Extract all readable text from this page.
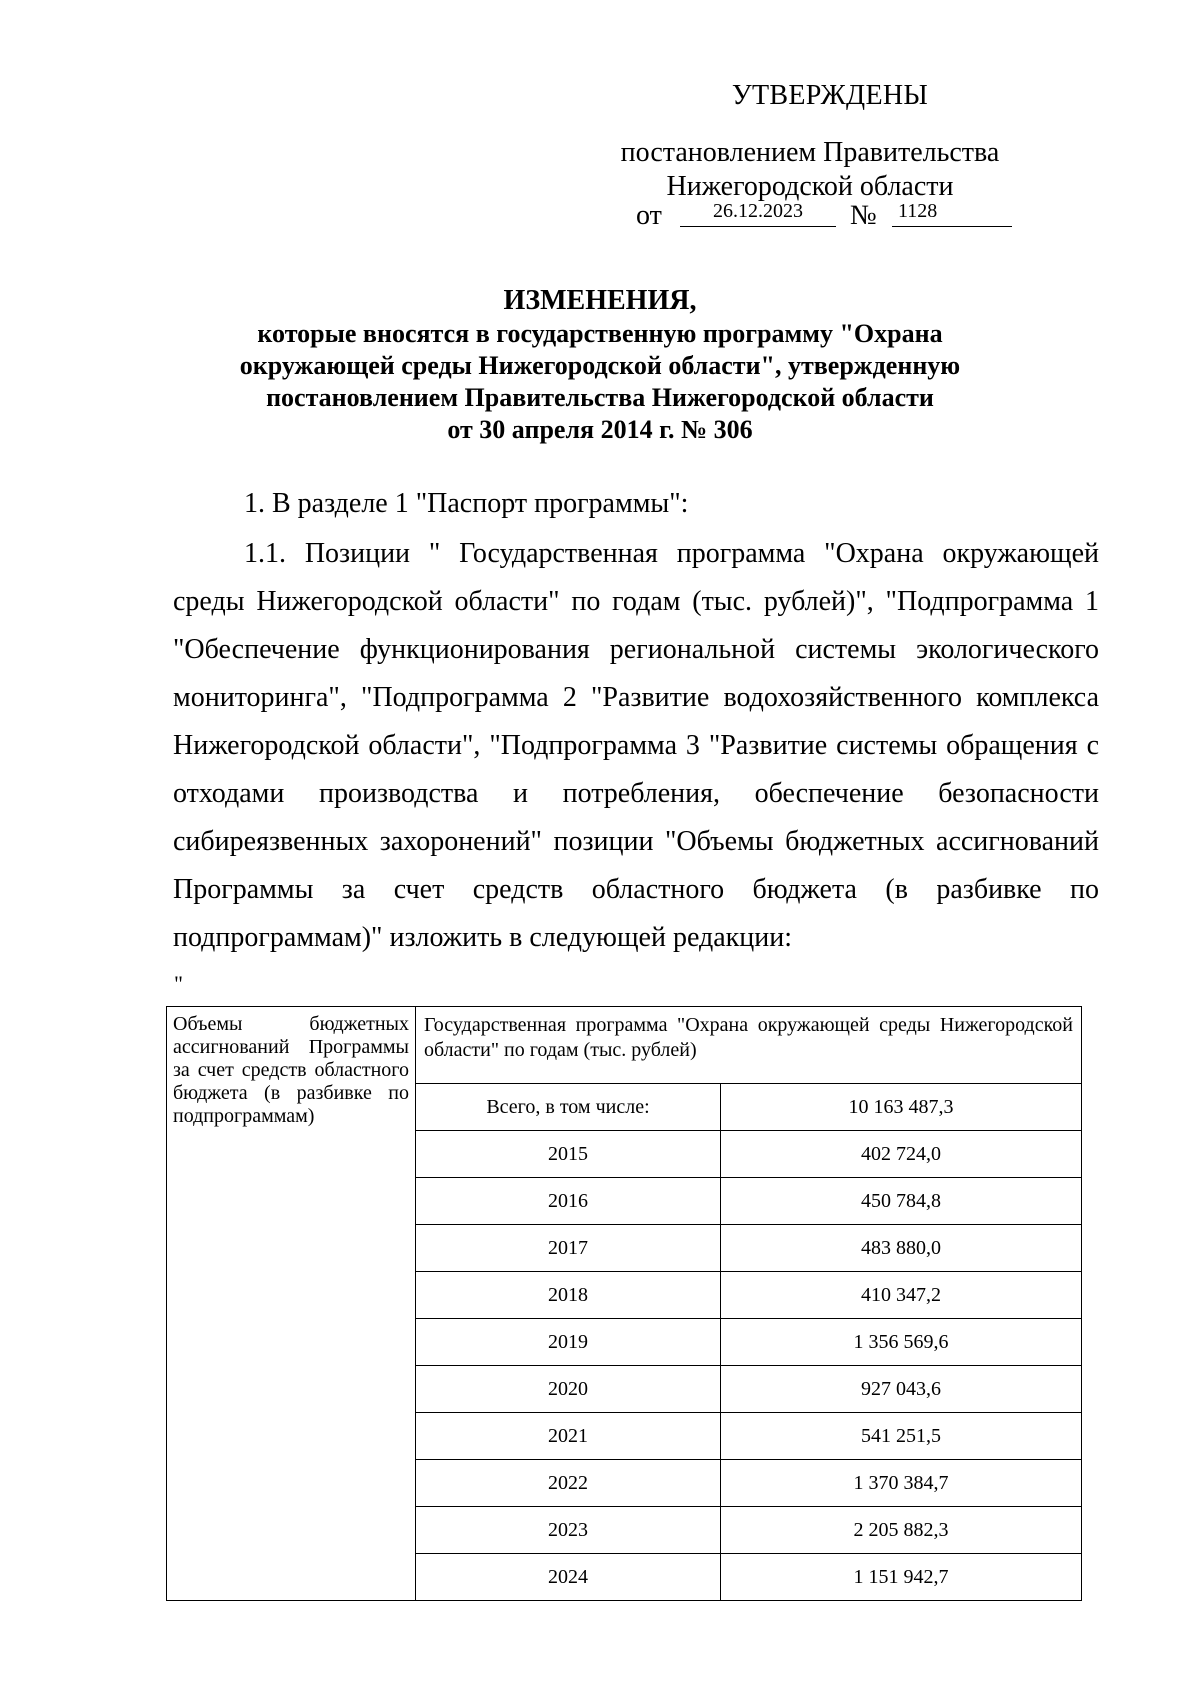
УТВЕРЖДЕНЫ
постановлением Правительства
Нижегородской области
от	26.12.2023	№	1128
ИЗМЕНЕНИЯ,
которые вносятся в государственную программу "Охрана
окружающей среды Нижегородской области", утвержденную
постановлением Правительства Нижегородской области
от 30 апреля 2014 г. № 306
1. В разделе 1 "Паспорт программы":
1.1. Позиции " Государственная программа "Охрана окружающей среды Нижегородской области" по годам (тыс. рублей)", "Подпрограмма 1 "Обеспечение функционирования региональной системы экологического мониторинга", "Подпрограмма 2 "Развитие водохозяйственного комплекса Нижегородской области", "Подпрограмма 3 "Развитие системы обращения с отходами производства и потребления, обеспечение безопасности сибиреязвенных захоронений" позиции "Объемы бюджетных ассигнований Программы за счет средств областного бюджета (в разбивке по подпрограммам)" изложить в следующей редакции:
"
Объемы бюджетных ассигнований Программы за счет средств областного бюджета (в разбивке по подпрограммам)	Государственная программа "Охрана окружающей среды Нижегородской области" по годам (тыс. рублей)	
	Всего, в том числе:	10 163 487,3
	2015	402 724,0
	2016	450 784,8
	2017	483 880,0
	2018	410 347,2
	2019	1 356 569,6
	2020	927 043,6
	2021	541 251,5
	2022	1 370 384,7
	2023	2 205 882,3
	2024	1 151 942,7
